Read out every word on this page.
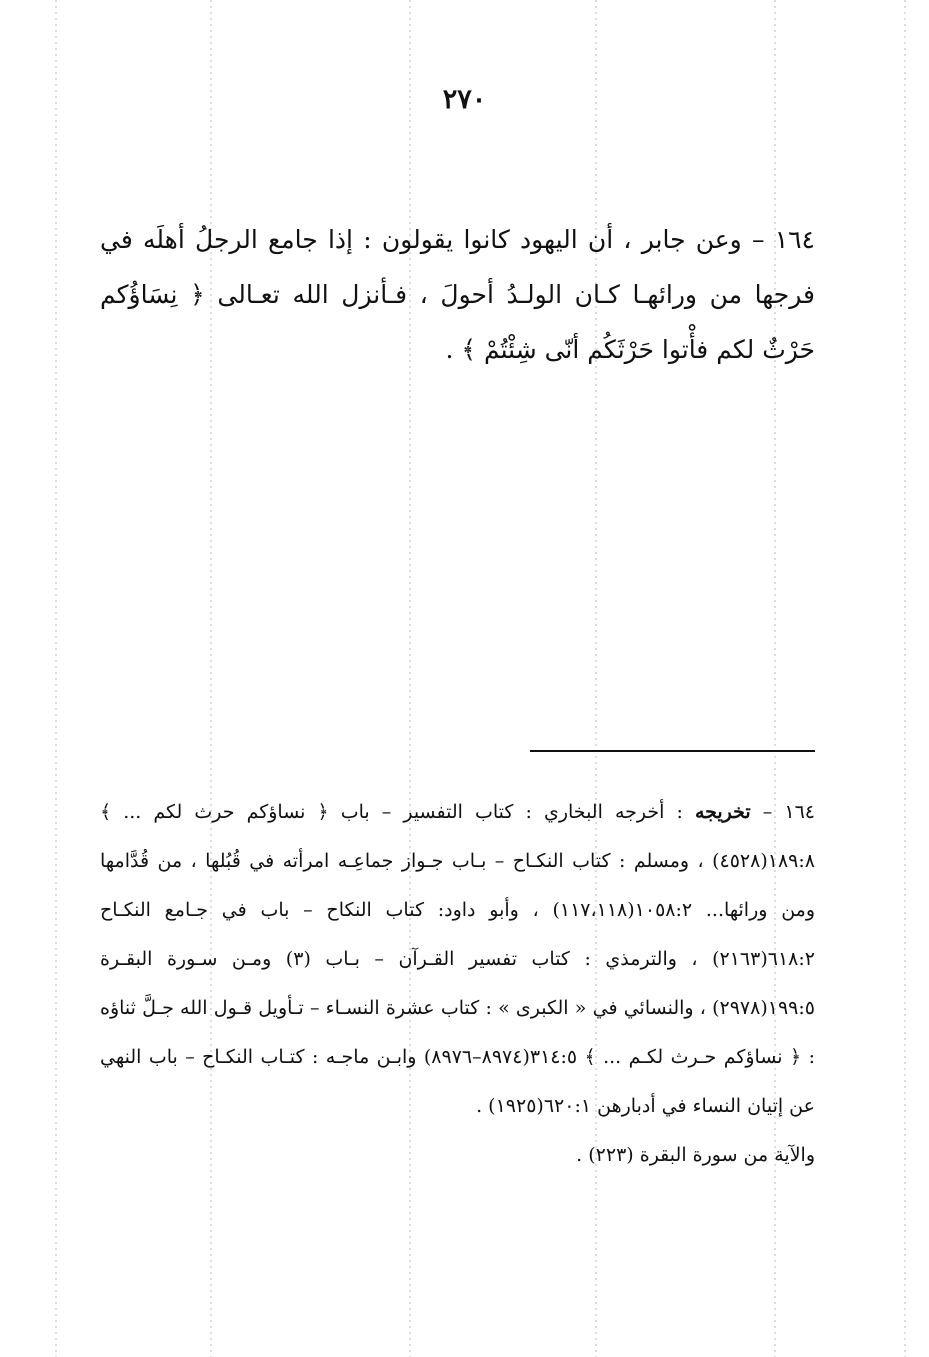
٢٧٠
١٦٤ – وعن جابر ، أن اليهود كانوا يقولون : إذا جامع الرجلُ أهلَه في فرجها من ورائهـا كـان الولـدُ أحولَ ، فـأنزل الله تعـالى ﴿ نِسَاؤُكم حَرْثٌ لكم فأْتوا حَرْثَكُم أنّى شِئْتُمْ ﴾ .

١٦٤ – تخريجه : أخرجه البخاري : كتاب التفسير – باب ﴿ نساؤكم حرث لكم ... ﴾ ١٨٩:٨(٤٥٢٨) ، ومسلم : كتاب النكـاح – بـاب جـواز جماعِـه امرأته في قُبُلها ، من قُدَّامها ومن ورائها... ١٠٥٨:٢(١١٧،١١٨) ، وأبو داود: كتاب النكاح – باب في جـامع النكـاح ٦١٨:٢(٢١٦٣) ، والترمذي : كتاب تفسير القـرآن – بـاب (٣) ومـن سـورة البقـرة ١٩٩:٥(٢٩٧٨) ، والنسائي في « الكبرى » : كتاب عشرة النسـاء – تـأويل قـول الله جـلَّ ثناؤه : ﴿ نساؤكم حـرث لكـم ... ﴾ ٣١٤:٥(٨٩٧٤–٨٩٧٦) وابـن ماجـه : كتـاب النكـاح – باب النهي عن إتيان النساء في أدبارهن ٦٢٠:١(١٩٢٥) .

والآية من سورة البقرة (٢٢٣) .
